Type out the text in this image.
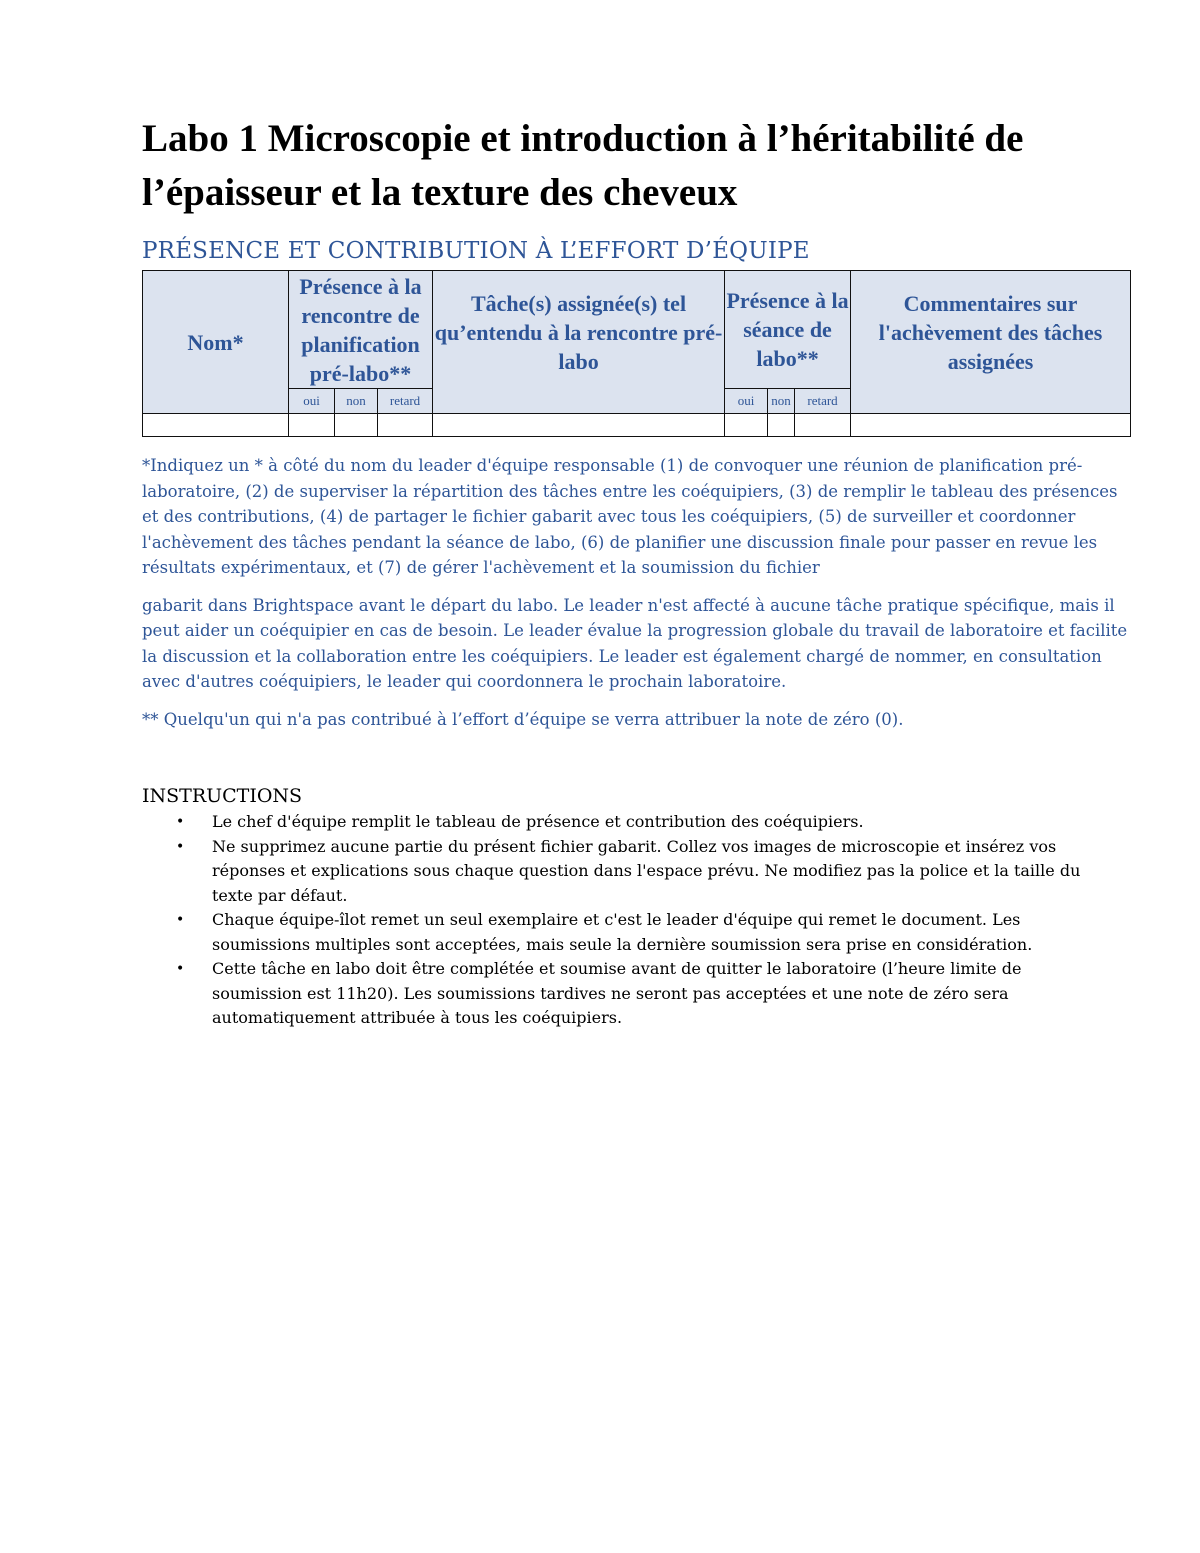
Labo 1 Microscopie et introduction à l’héritabilité de l’épaisseur et la texture des cheveux
PRÉSENCE ET CONTRIBUTION À L’EFFORT D’ÉQUIPE
Nom*	Présence à la rencontre de planification pré-labo**			Tâche(s) assignée(s) tel qu’entendu à la rencontre pré-labo	Présence à la séance de labo**			Commentaires sur l'achèvement des tâches assignées
	oui	non	retard		oui	non	retard	

*Indiquez un * à côté du nom du leader d'équipe responsable (1) de convoquer une réunion de planification pré-laboratoire, (2) de superviser la répartition des tâches entre les coéquipiers, (3) de remplir le tableau des présences et des contributions, (4) de partager le fichier gabarit avec tous les coéquipiers, (5) de surveiller et coordonner l'achèvement des tâches pendant la séance de labo, (6) de planifier une discussion finale pour passer en revue les résultats expérimentaux, et (7) de gérer l'achèvement et la soumission du fichier

gabarit dans Brightspace avant le départ du labo. Le leader n'est affecté à aucune tâche pratique spécifique, mais il peut aider un coéquipier en cas de besoin. Le leader évalue la progression globale du travail de laboratoire et facilite la discussion et la collaboration entre les coéquipiers. Le leader est également chargé de nommer, en consultation avec d'autres coéquipiers, le leader qui coordonnera le prochain laboratoire.

** Quelqu'un qui n'a pas contribué à l’effort d’équipe se verra attribuer la note de zéro (0).

INSTRUCTIONS
• Le chef d'équipe remplit le tableau de présence et contribution des coéquipiers.
• Ne supprimez aucune partie du présent fichier gabarit. Collez vos images de microscopie et insérez vos réponses et explications sous chaque question dans l'espace prévu. Ne modifiez pas la police et la taille du texte par défaut.
• Chaque équipe-îlot remet un seul exemplaire et c'est le leader d'équipe qui remet le document. Les soumissions multiples sont acceptées, mais seule la dernière soumission sera prise en considération.
• Cette tâche en labo doit être complétée et soumise avant de quitter le laboratoire (l’heure limite de soumission est 11h20). Les soumissions tardives ne seront pas acceptées et une note de zéro sera automatiquement attribuée à tous les coéquipiers.
